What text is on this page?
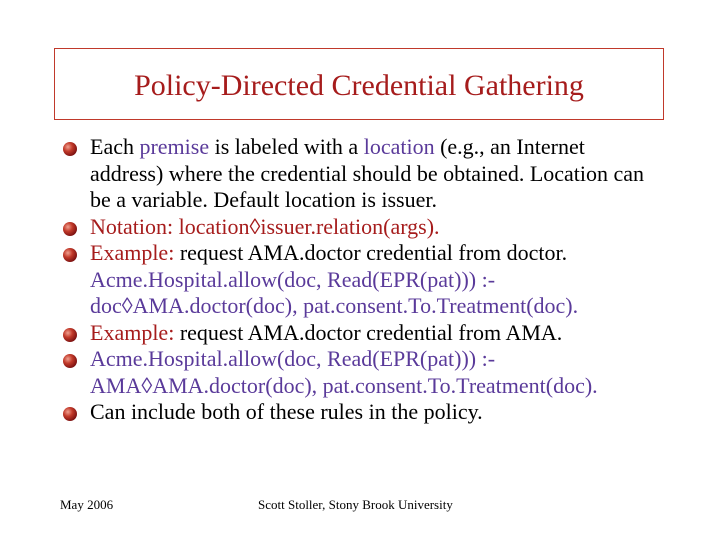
Policy-Directed Credential Gathering
Each premise is labeled with a location (e.g., an Internet address) where the credential should be obtained. Location can be a variable. Default location is issuer.
Notation: location◊issuer.relation(args).
Example: request AMA.doctor credential from doctor.
Acme.Hospital.allow(doc, Read(EPR(pat))) :- doc◊AMA.doctor(doc), pat.consent.To.Treatment(doc).
Example: request AMA.doctor credential from AMA.
Acme.Hospital.allow(doc, Read(EPR(pat))) :- AMA◊AMA.doctor(doc), pat.consent.To.Treatment(doc).
Can include both of these rules in the policy.
May 2006	Scott Stoller, Stony Brook University
